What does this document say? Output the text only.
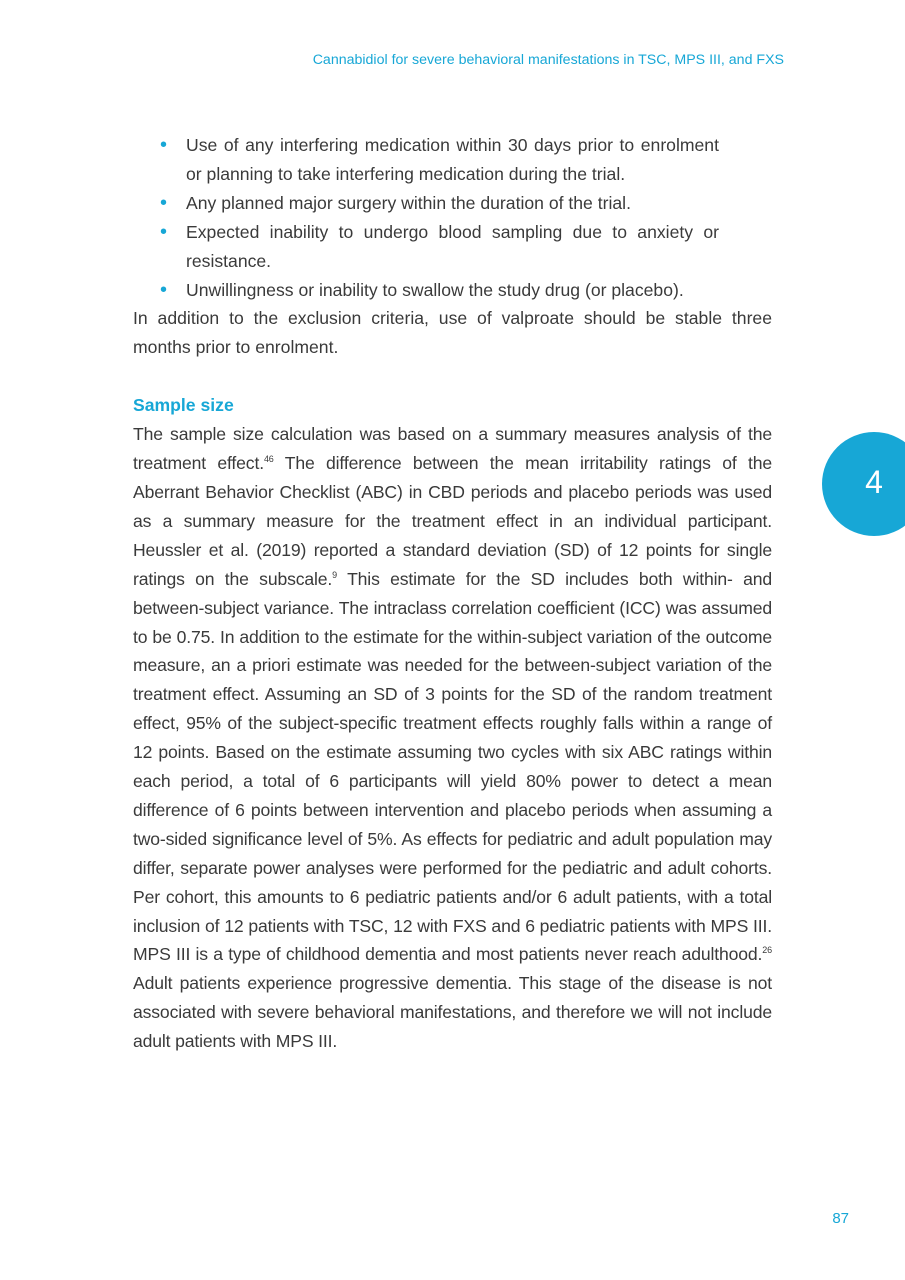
Cannabidiol for severe behavioral manifestations in TSC, MPS III, and FXS
4
• Use of any interfering medication within 30 days prior to enrolment or planning to take interfering medication during the trial.
• Any planned major surgery within the duration of the trial.
• Expected inability to undergo blood sampling due to anxiety or resistance.
• Unwillingness or inability to swallow the study drug (or placebo).

In addition to the exclusion criteria, use of valproate should be stable three months prior to enrolment.

Sample size

The sample size calculation was based on a summary measures analysis of the treatment effect.$^{46}$ The difference between the mean irritability ratings of the Aberrant Behavior Checklist (ABC) in CBD periods and placebo periods was used as a summary measure for the treatment effect in an individual participant. Heussler et al. (2019) reported a standard deviation (SD) of 12 points for single ratings on the subscale.$^9$ This estimate for the SD includes both within- and between-subject variance. The intraclass correlation coefficient (ICC) was assumed to be 0.75. In addition to the estimate for the within-subject variation of the outcome measure, an a priori estimate was needed for the between-subject variation of the treatment effect. Assuming an SD of 3 points for the SD of the random treatment effect, 95% of the subject-specific treatment effects roughly falls within a range of 12 points. Based on the estimate assuming two cycles with six ABC ratings within each period, a total of 6 participants will yield 80% power to detect a mean difference of 6 points between intervention and placebo periods when assuming a two-sided significance level of 5%. As effects for pediatric and adult population may differ, separate power analyses were performed for the pediatric and adult cohorts. Per cohort, this amounts to 6 pediatric patients and/or 6 adult patients, with a total inclusion of 12 patients with TSC, 12 with FXS and 6 pediatric patients with MPS III. MPS III is a type of childhood dementia and most patients never reach adulthood.$^{26}$ Adult patients experience progressive dementia. This stage of the disease is not associated with severe behavioral manifestations, and therefore we will not include adult patients with MPS III.

87
